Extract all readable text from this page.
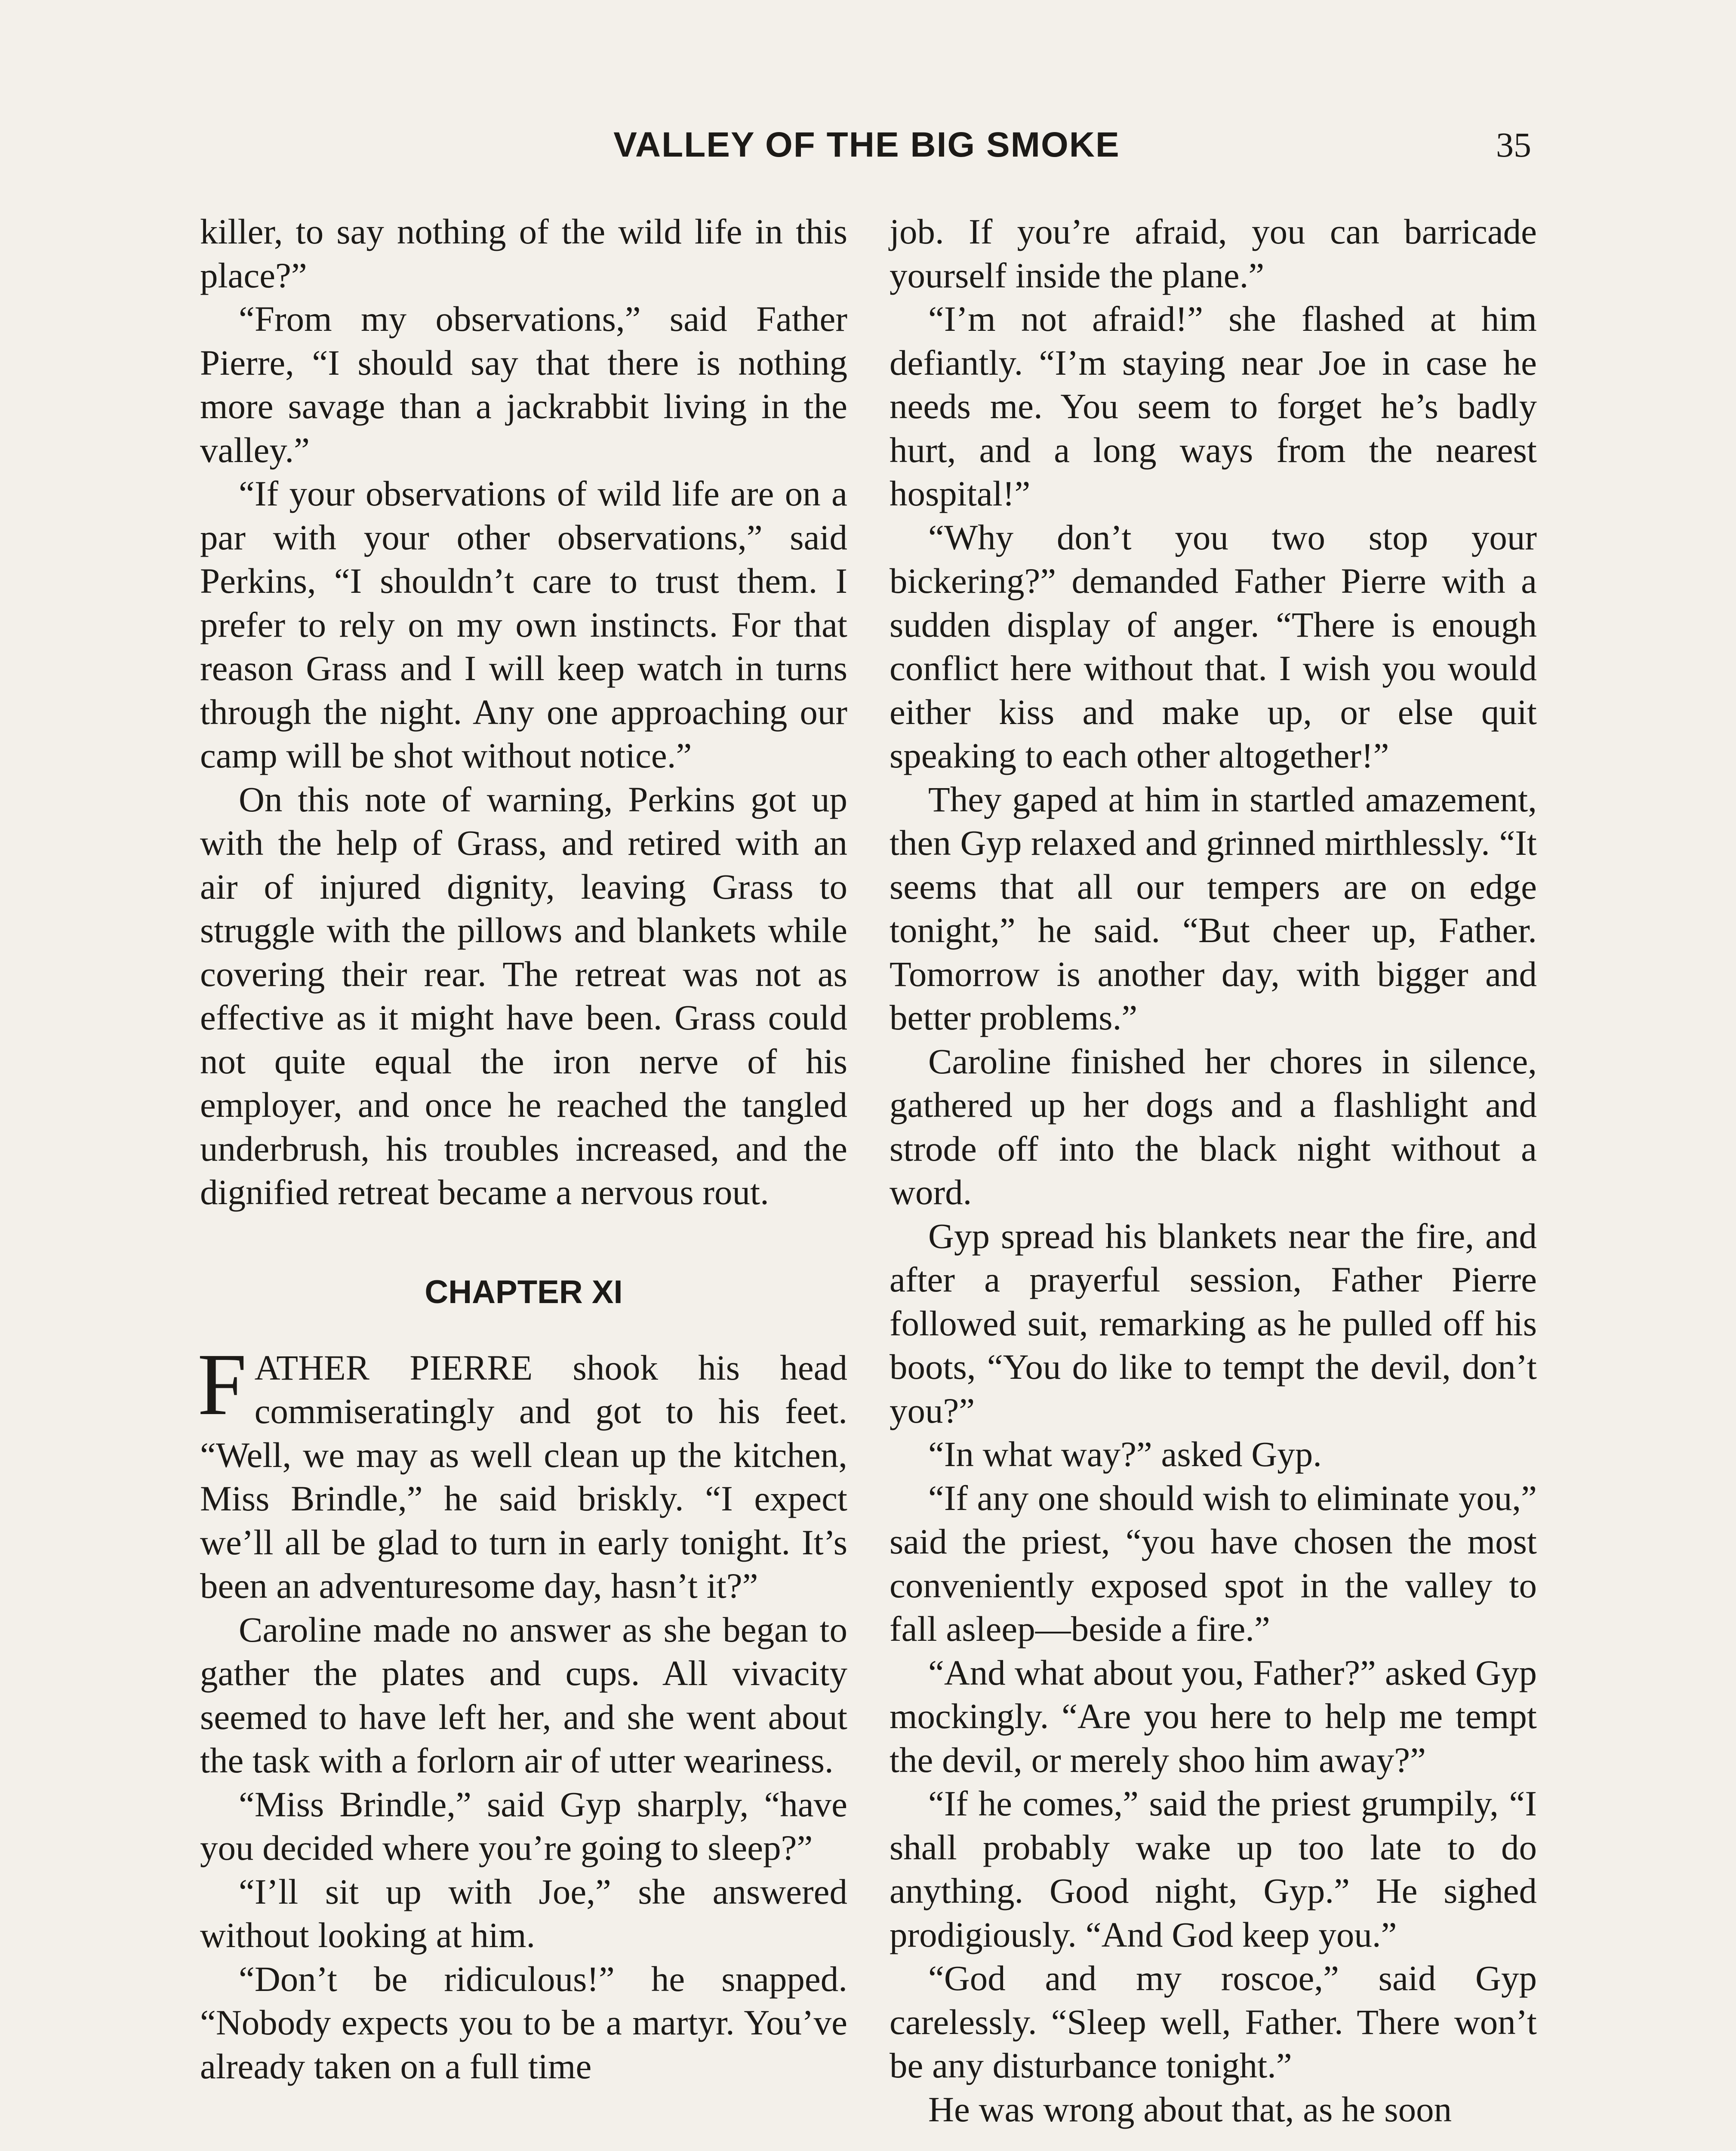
VALLEY OF THE BIG SMOKE	35

killer, to say nothing of the wild life in this place?”

“From my observations,” said Father Pierre, “I should say that there is nothing more savage than a jackrabbit living in the valley.”

“If your observations of wild life are on a par with your other observations,” said Perkins, “I shouldn’t care to trust them. I prefer to rely on my own instincts. For that reason Grass and I will keep watch in turns through the night. Any one approaching our camp will be shot without notice.”

On this note of warning, Perkins got up with the help of Grass, and retired with an air of injured dignity, leaving Grass to struggle with the pillows and blankets while covering their rear. The retreat was not as effective as it might have been. Grass could not quite equal the iron nerve of his employer, and once he reached the tangled underbrush, his troubles increased, and the dignified retreat became a nervous rout.

CHAPTER XI

FATHER PIERRE shook his head commiseratingly and got to his feet. “Well, we may as well clean up the kitchen, Miss Brindle,” he said briskly. “I expect we’ll all be glad to turn in early tonight. It’s been an adventuresome day, hasn’t it?”

Caroline made no answer as she began to gather the plates and cups. All vivacity seemed to have left her, and she went about the task with a forlorn air of utter weariness.

“Miss Brindle,” said Gyp sharply, “have you decided where you’re going to sleep?”

“I’ll sit up with Joe,” she answered without looking at him.

“Don’t be ridiculous!” he snapped. “Nobody expects you to be a martyr. You’ve already taken on a full time

job. If you’re afraid, you can barricade yourself inside the plane.”

“I’m not afraid!” she flashed at him defiantly. “I’m staying near Joe in case he needs me. You seem to forget he’s badly hurt, and a long ways from the nearest hospital!”

“Why don’t you two stop your bickering?” demanded Father Pierre with a sudden display of anger. “There is enough conflict here without that. I wish you would either kiss and make up, or else quit speaking to each other altogether!”

They gaped at him in startled amazement, then Gyp relaxed and grinned mirthlessly. “It seems that all our tempers are on edge tonight,” he said. “But cheer up, Father. Tomorrow is another day, with bigger and better problems.”

Caroline finished her chores in silence, gathered up her dogs and a flashlight and strode off into the black night without a word.

Gyp spread his blankets near the fire, and after a prayerful session, Father Pierre followed suit, remarking as he pulled off his boots, “You do like to tempt the devil, don’t you?”

“In what way?” asked Gyp.

“If any one should wish to eliminate you,” said the priest, “you have chosen the most conveniently exposed spot in the valley to fall asleep—beside a fire.”

“And what about you, Father?” asked Gyp mockingly. “Are you here to help me tempt the devil, or merely shoo him away?”

“If he comes,” said the priest grumpily, “I shall probably wake up too late to do anything. Good night, Gyp.” He sighed prodigiously. “And God keep you.”

“God and my roscoe,” said Gyp carelessly. “Sleep well, Father. There won’t be any disturbance tonight.”

He was wrong about that, as he soon
